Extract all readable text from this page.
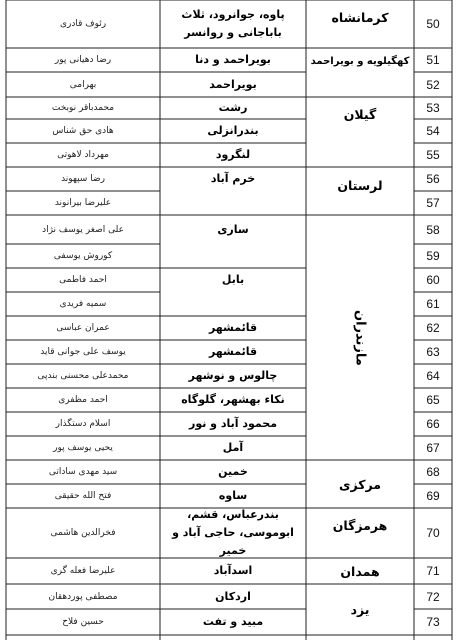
50
رئوف قادری
51
رضا دهیانی پور
52
بهرامی
53
محمدباقر نوبخت
54
هادی حق شناس
55
مهرداد لاهوتی
56
رضا سپهوند
57
علیرضا بیرانوند
58
علی اصغر یوسف نژاد
59
کوروش یوسفی
60
احمد فاطمی
61
سمیه فریدی
62
عمران عباسی
63
یوسف علی جوانی قاید
64
محمدعلی محسنی بندپی
65
احمد مظفری
66
اسلام دستگذار
67
یحیی یوسف پور
68
سید مهدی ساداتی
69
فتح الله حقیقی
70
فخرالدین هاشمی
71
علیرضا فعله گری
72
مصطفی پوردهقان
73
حسین فلاح
پاوه، جوانرود، ثلاث باباجانی و روانسر
بویراحمد و دنا
بویراحمد
رشت
بندرانزلی
لنگرود
خرم آباد
ساری
بابل
قائمشهر
قائمشهر
چالوس و نوشهر
نکاء بهشهر، گلوگاه
محمود آباد و نور
آمل
خمین
ساوه
بندرعباس، قشم، ابوموسی، حاجی آباد و خمیر
اسدآباد
اردکان
مبید و تفت
کرمانشاه
کهگیلویه و بویراحمد
گیلان
لرستان
مازندران
مرکزی
هرمزگان
همدان
یزد
